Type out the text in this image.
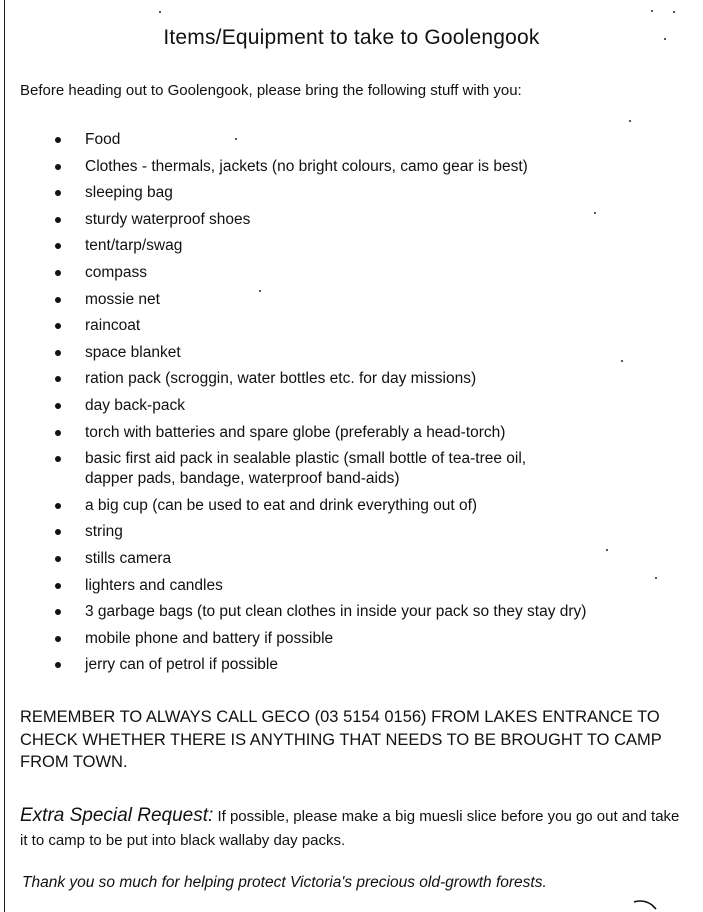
Items/Equipment to take to Goolengook
Before heading out to Goolengook, please bring the following stuff with you:
Food
Clothes - thermals, jackets (no bright colours, camo gear is best)
sleeping bag
sturdy waterproof shoes
tent/tarp/swag
compass
mossie net
raincoat
space blanket
ration pack (scroggin, water bottles etc. for day missions)
day back-pack
torch with batteries and spare globe (preferably a head-torch)
basic first aid pack in sealable plastic (small bottle of tea-tree oil,
dapper pads, bandage, waterproof band-aids)
a big cup (can be used to eat and drink everything out of)
string
stills camera
lighters and candles
3 garbage bags (to put clean clothes in inside your pack so they stay dry)
mobile phone and battery if possible
jerry can of petrol if possible
REMEMBER TO ALWAYS CALL GECO (03 5154 0156) FROM LAKES ENTRANCE TO CHECK WHETHER THERE IS ANYTHING THAT NEEDS TO BE BROUGHT TO CAMP FROM TOWN.
Extra Special Request: If possible, please make a big muesli slice before you go out and take it to camp to be put into black wallaby day packs.
Thank you so much for helping protect Victoria's precious old-growth forests.
